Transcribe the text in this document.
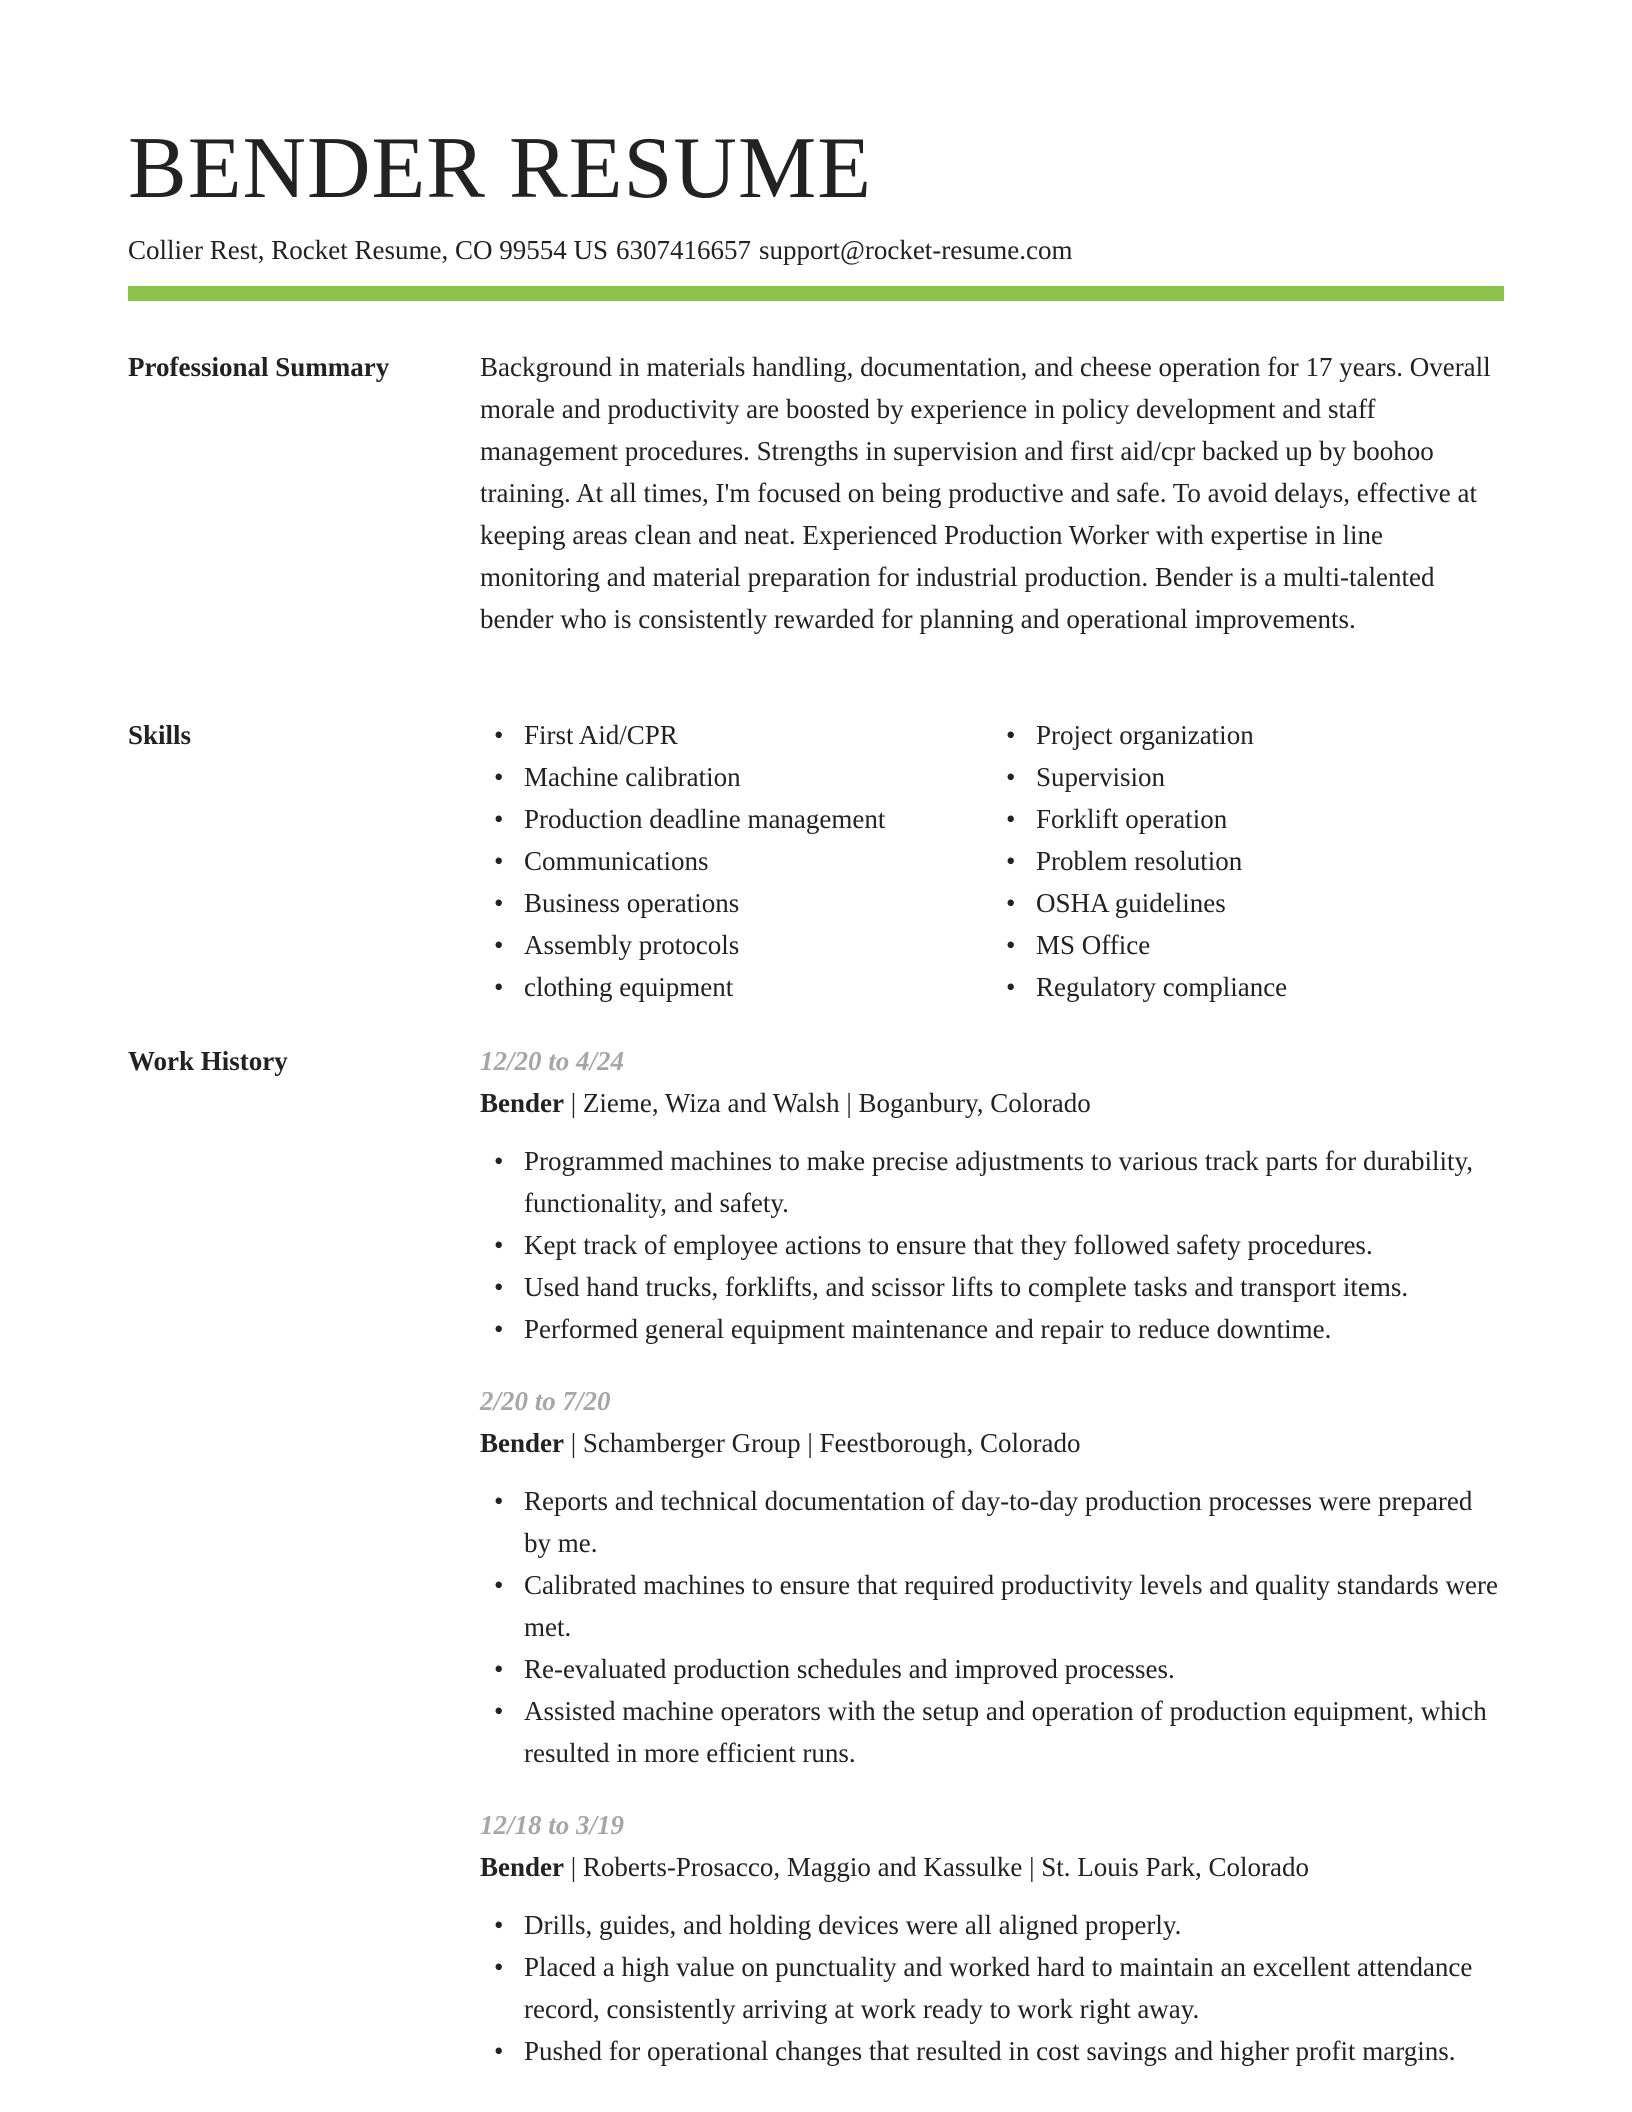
BENDER RESUME
Collier Rest, Rocket Resume, CO 99554 US 6307416657 support@rocket-resume.com
Professional Summary	Background in materials handling, documentation, and cheese operation for 17 years. Overall morale and productivity are boosted by experience in policy development and staff management procedures. Strengths in supervision and first aid/cpr backed up by boohoo training. At all times, I'm focused on being productive and safe. To avoid delays, effective at keeping areas clean and neat. Experienced Production Worker with expertise in line monitoring and material preparation for industrial production. Bender is a multi-talented bender who is consistently rewarded for planning and operational improvements.

Skills
•	First Aid/CPR
• Machine calibration
• Production deadline management
• Communications
• Business operations
• Assembly protocols
• clothing equipment
• Project organization
• Supervision
• Forklift operation
• Problem resolution
• OSHA guidelines
• MS Office
• Regulatory compliance
Work History	12/20 to 4/24

Bender | Zieme, Wiza and Walsh | Boganbury, Colorado

• Programmed machines to make precise adjustments to various track parts for durability, functionality, and safety.
• Kept track of employee actions to ensure that they followed safety procedures.
• Used hand trucks, forklifts, and scissor lifts to complete tasks and transport items.
• Performed general equipment maintenance and repair to reduce downtime.

2/20 to 7/20

Bender | Schamberger Group | Feestborough, Colorado

• Reports and technical documentation of day-to-day production processes were prepared by me.
• Calibrated machines to ensure that required productivity levels and quality standards were met.
• Re-evaluated production schedules and improved processes.
• Assisted machine operators with the setup and operation of production equipment, which resulted in more efficient runs.

12/18 to 3/19

Bender | Roberts-Prosacco, Maggio and Kassulke | St. Louis Park, Colorado

• Drills, guides, and holding devices were all aligned properly.
• Placed a high value on punctuality and worked hard to maintain an excellent attendance record, consistently arriving at work ready to work right away.
• Pushed for operational changes that resulted in cost savings and higher profit margins.
